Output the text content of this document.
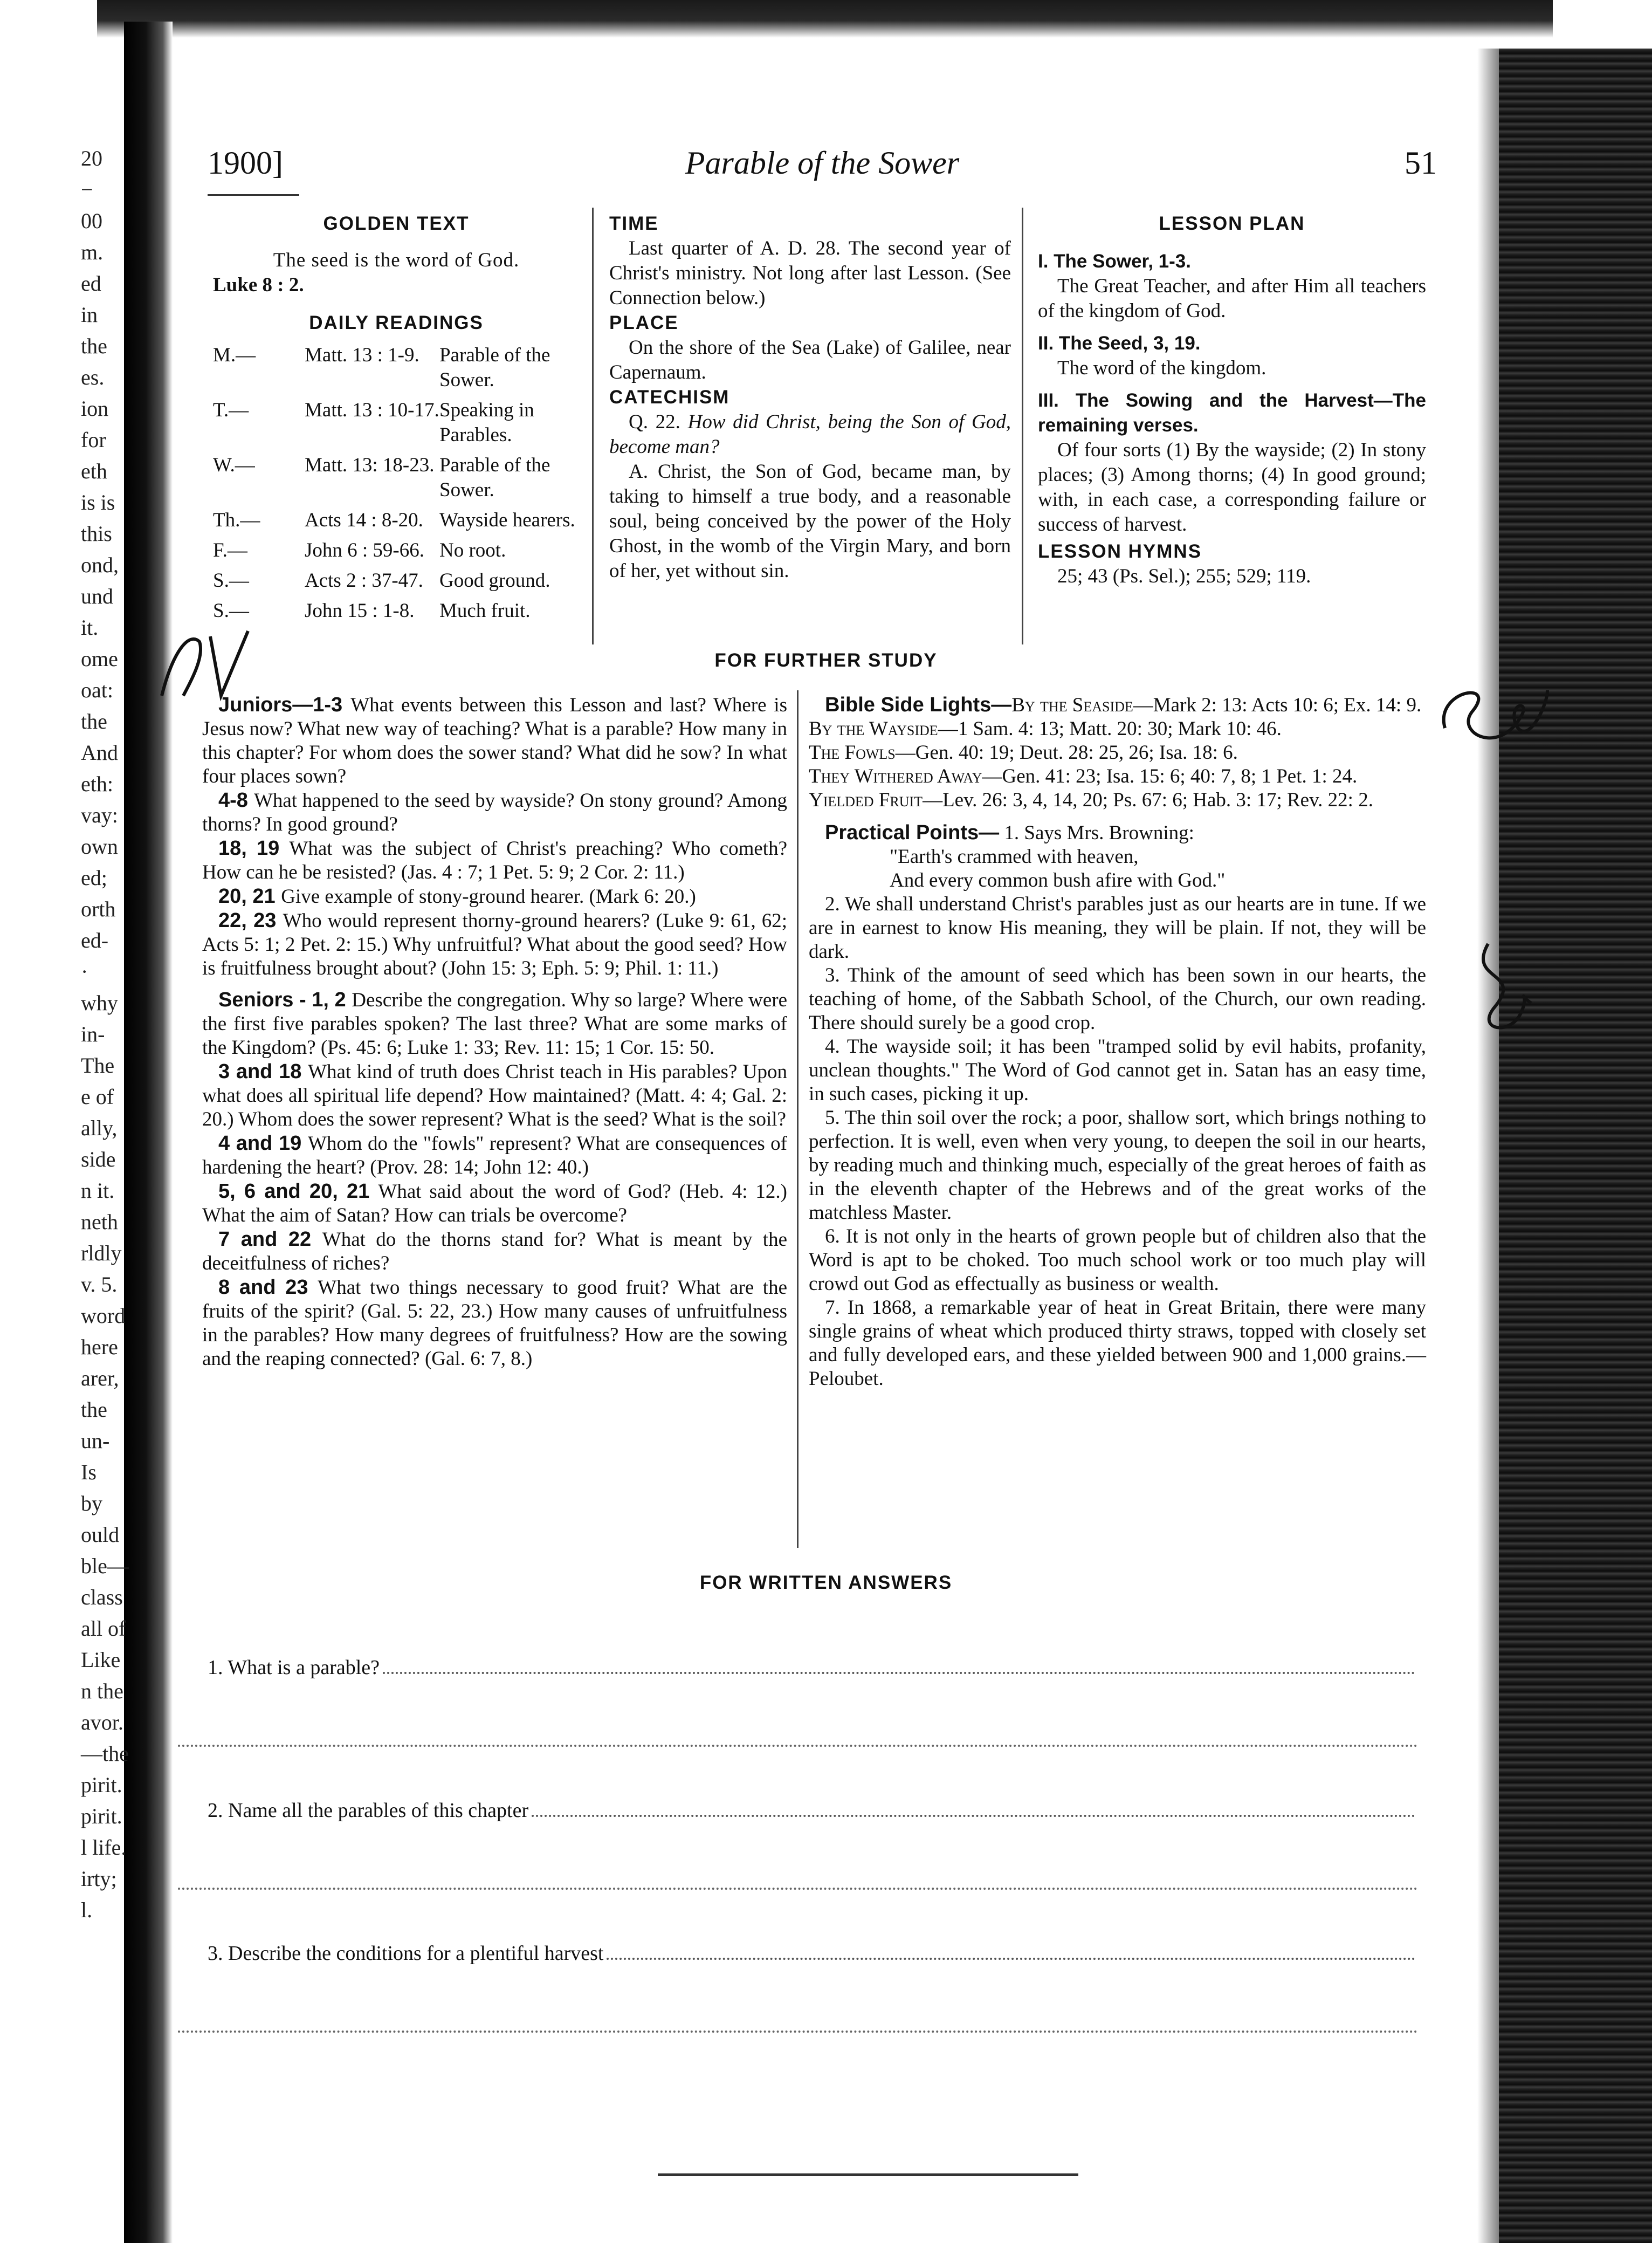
20
−
00
m.
ed
in
the
es.
ion
for
eth
is is
this
ond,
und
it.
ome
oat:
the
And
eth:
vay:
own
ed;
orth
ed-
·
why
in-
The
e of
ally,
side
n it.
neth
rldly
v. 5.
word
here
arer,
the
un-
Is
by
ould
ble—
class
all of
Like
n the
avor.
—the
pirit.
pirit.
l life.
irty;
l.
1900]	Parable of the Sower	51

GOLDEN TEXT

The seed is the word of God.

Luke 8 : 2.

DAILY READINGS

M.—	Matt. 13 : 1-9.	Parable of the Sower.
T.—	Matt. 13 : 10-17. Speaking in Parables.
W.—	Matt. 13: 18-23. Parable of the Sower.
Th.—	Acts 14 : 8-20. Wayside hearers.
F.—	John 6 : 59-66. No root.
S.—	Acts 2 : 37-47. Good ground.
S.—	John 15 : 1-8.	Much fruit.

TIME

Last quarter of A. D. 28. The second year of Christ's ministry. Not long after last Lesson. (See Connection below.)

PLACE

On the shore of the Sea (Lake) of Galilee, near Capernaum.

CATECHISM

Q. 22. How did Christ, being the Son of God, become man?

A. Christ, the Son of God, became man, by taking to himself a true body, and a reasonable soul, being conceived by the power of the Holy Ghost, in the womb of the Virgin Mary, and born of her, yet without sin.

LESSON PLAN

I. The Sower, 1-3.

The Great Teacher, and after Him all teachers of the kingdom of God.

II. The Seed, 3, 19.

The word of the kingdom.

III. The Sowing and the Harvest—The remaining verses.

Of four sorts (1) By the wayside; (2) In stony places; (3) Among thorns; (4) In good ground; with, in each case, a corresponding failure or success of harvest.

LESSON HYMNS

25; 43 (Ps. Sel.); 255; 529; 119.

FOR FURTHER STUDY

Juniors—1-3 What events between this Lesson and last? Where is Jesus now? What new way of teaching? What is a parable? How many in this chapter? For whom does the sower stand? What did he sow? In what four places sown?

4-8 What happened to the seed by wayside? On stony ground? Among thorns? In good ground?

18, 19 What was the subject of Christ's preaching? Who cometh? How can he be resisted? (Jas. 4 : 7; 1 Pet. 5: 9; 2 Cor. 2: 11.)

20, 21 Give example of stony-ground hearer. (Mark 6: 20.)

22, 23 Who would represent thorny-ground hearers? (Luke 9: 61, 62; Acts 5: 1; 2 Pet. 2: 15.) Why unfruitful? What about the good seed? How is fruitfulness brought about? (John 15: 3; Eph. 5: 9; Phil. 1: 11.)

Seniors - 1, 2 Describe the congregation. Why so large? Where were the first five parables spoken? The last three? What are some marks of the Kingdom? (Ps. 45: 6; Luke 1: 33; Rev. 11: 15; 1 Cor. 15: 50.

3 and 18 What kind of truth does Christ teach in His parables? Upon what does all spiritual life depend? How maintained? (Matt. 4: 4; Gal. 2: 20.) Whom does the sower represent? What is the seed? What is the soil?

4 and 19 Whom do the "fowls" represent? What are consequences of hardening the heart? (Prov. 28: 14; John 12: 40.)

5, 6 and 20, 21 What said about the word of God? (Heb. 4: 12.) What the aim of Satan? How can trials be overcome?

7 and 22 What do the thorns stand for? What is meant by the deceitfulness of riches?

8 and 23 What two things necessary to good fruit? What are the fruits of the spirit? (Gal. 5: 22, 23.) How many causes of unfruitfulness in the parables? How many degrees of fruitfulness? How are the sowing and the reaping connected? (Gal. 6: 7, 8.)

Bible Side Lights—By the Seaside—Mark 2: 13: Acts 10: 6; Ex. 14: 9.
By the Wayside—1 Sam. 4: 13; Matt. 20: 30; Mark 10: 46.
The Fowls—Gen. 40: 19; Deut. 28: 25, 26; Isa. 18: 6.
They Withered Away—Gen. 41: 23; Isa. 15: 6; 40: 7, 8; 1 Pet. 1: 24.
Yielded Fruit—Lev. 26: 3, 4, 14, 20; Ps. 67: 6; Hab. 3: 17; Rev. 22: 2.

Practical Points— 1. Says Mrs. Browning:

"Earth's crammed with heaven,

And every common bush afire with God."

2. We shall understand Christ's parables just as our hearts are in tune. If we are in earnest to know His meaning, they will be plain. If not, they will be dark.

3. Think of the amount of seed which has been sown in our hearts, the teaching of home, of the Sabbath School, of the Church, our own reading. There should surely be a good crop.

4. The wayside soil; it has been "tramped solid by evil habits, profanity, unclean thoughts." The Word of God cannot get in. Satan has an easy time, in such cases, picking it up.

5. The thin soil over the rock; a poor, shallow sort, which brings nothing to perfection. It is well, even when very young, to deepen the soil in our hearts, by reading much and thinking much, especially of the great heroes of faith as in the eleventh chapter of the Hebrews and of the great works of the matchless Master.

6. It is not only in the hearts of grown people but of children also that the Word is apt to be choked. Too much school work or too much play will crowd out God as effectually as business or wealth.

7. In 1868, a remarkable year of heat in Great Britain, there were many single grains of wheat which produced thirty straws, topped with closely set and fully developed ears, and these yielded between 900 and 1,000 grains.—Peloubet.

FOR WRITTEN ANSWERS

1. What is a parable?
2. Name all the parables of this chapter
3. Describe the conditions for a plentiful harvest
